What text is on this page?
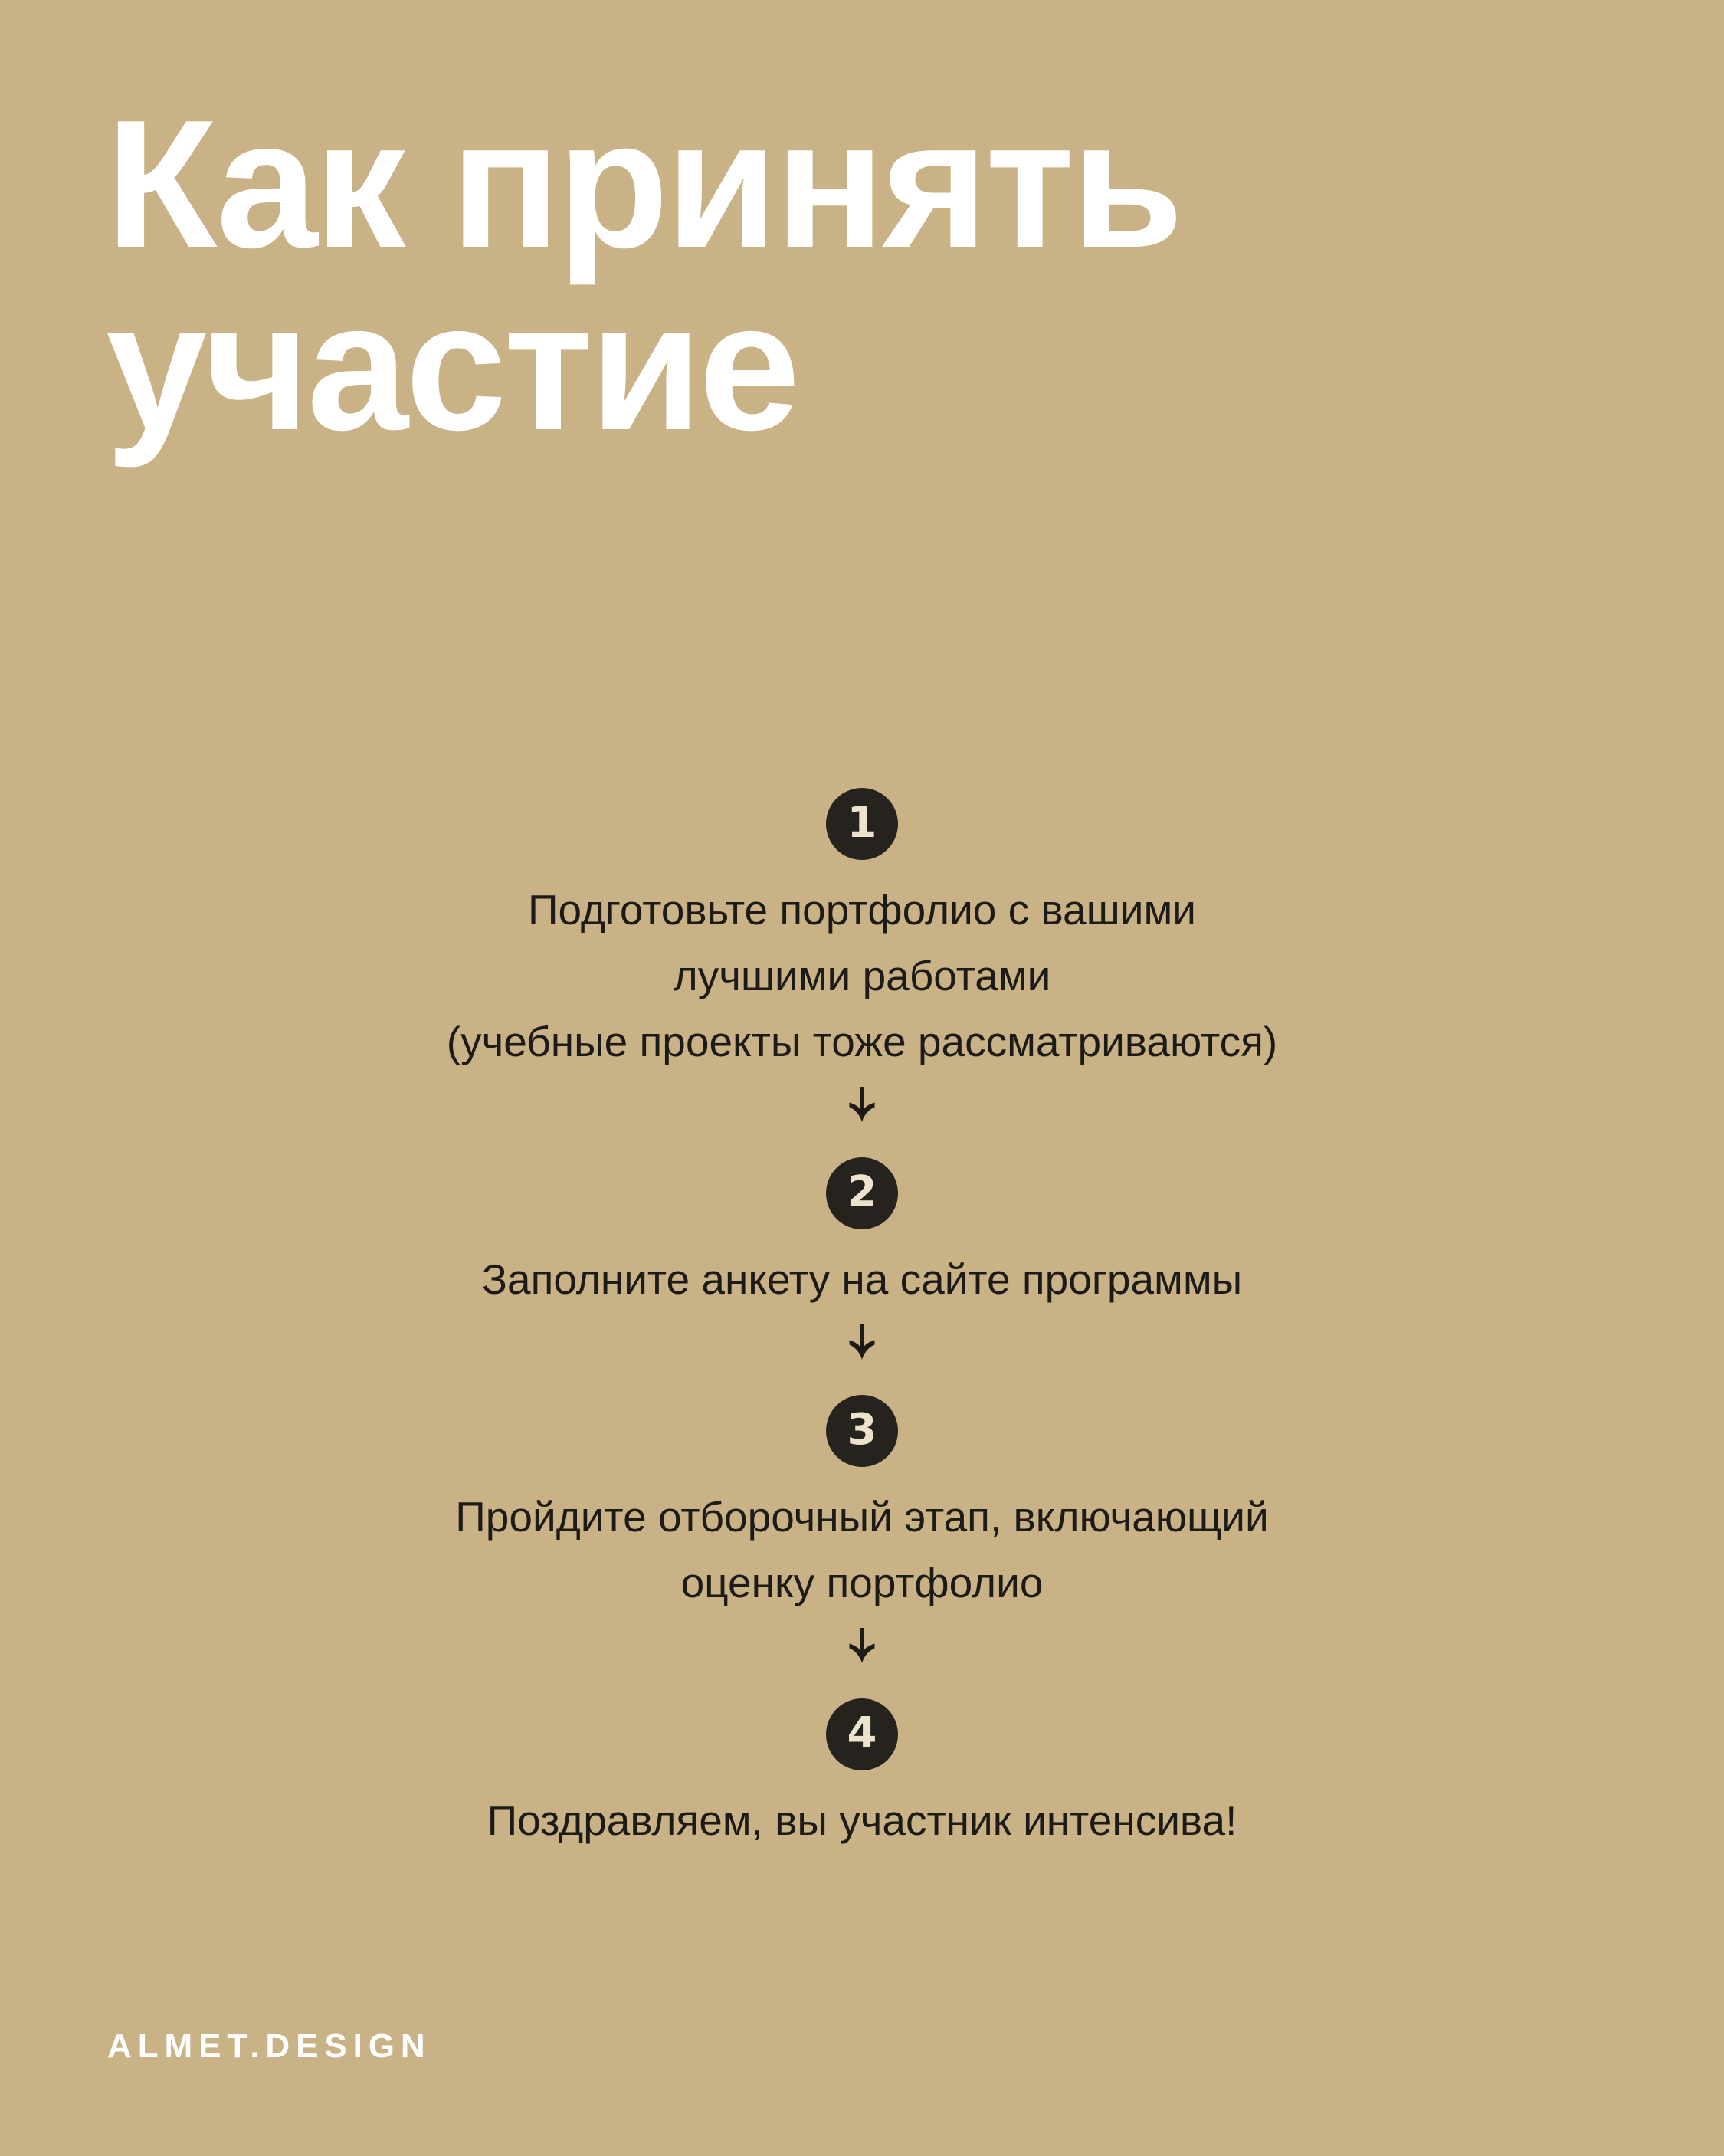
Как принять
участие
1
Подготовьте портфолио с вашими
лучшими работами
(учебные проекты тоже рассматриваются)
2
Заполните анкету на сайте программы
3
Пройдите отборочный этап, включающий
оценку портфолио
4
Поздравляем, вы участник интенсива!
ALMET.DESIGN
